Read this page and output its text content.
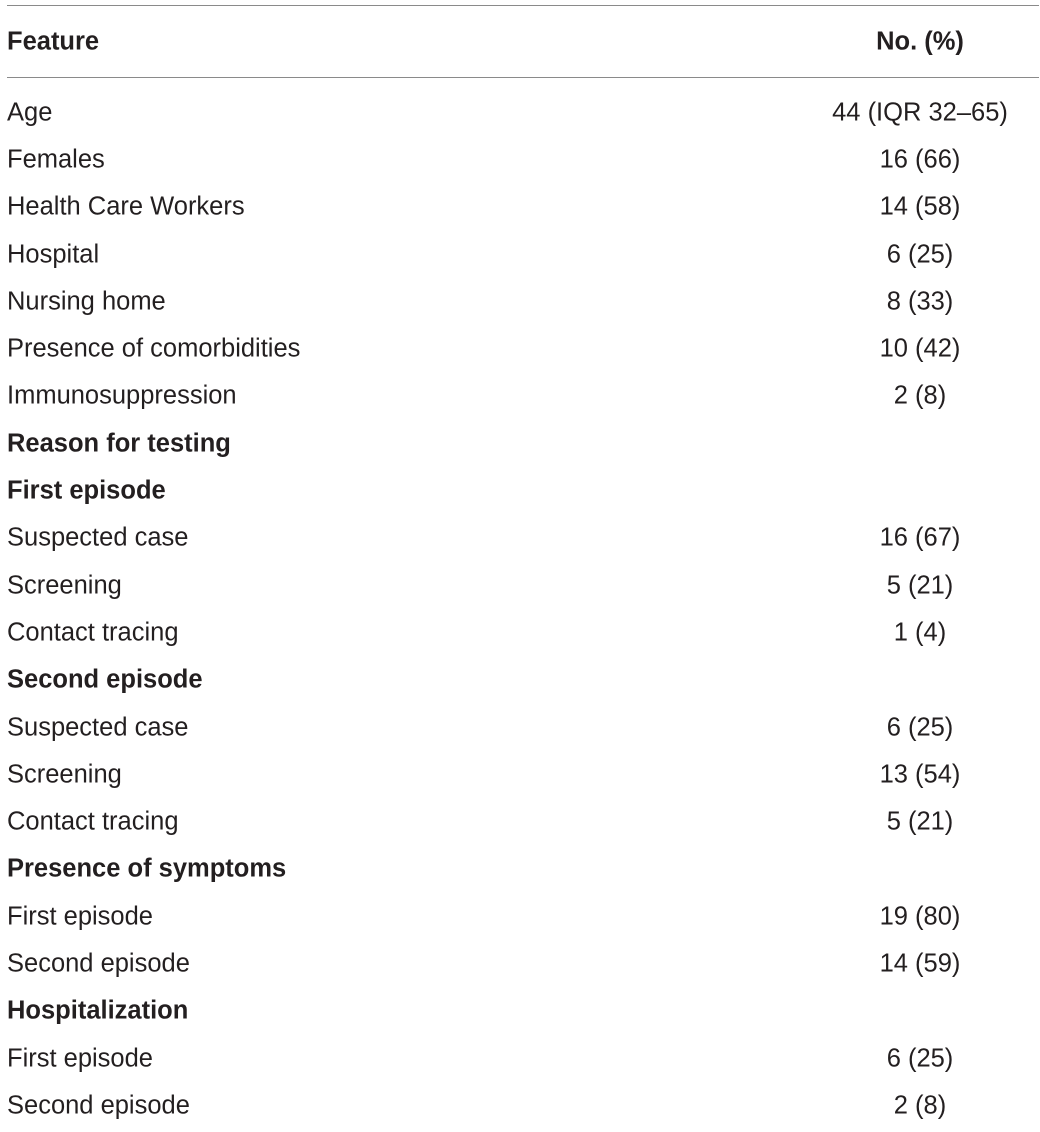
Feature	No. (%)
Age	44 (IQR 32–65)
Females	16 (66)
Health Care Workers	14 (58)
Hospital	6 (25)
Nursing home	8 (33)
Presence of comorbidities	10 (42)
Immunosuppression	2 (8)
Reason for testing
First episode
Suspected case	16 (67)
Screening	5 (21)
Contact tracing	1 (4)
Second episode
Suspected case	6 (25)
Screening	13 (54)
Contact tracing	5 (21)
Presence of symptoms
First episode	19 (80)
Second episode	14 (59)
Hospitalization
First episode	6 (25)
Second episode	2 (8)
